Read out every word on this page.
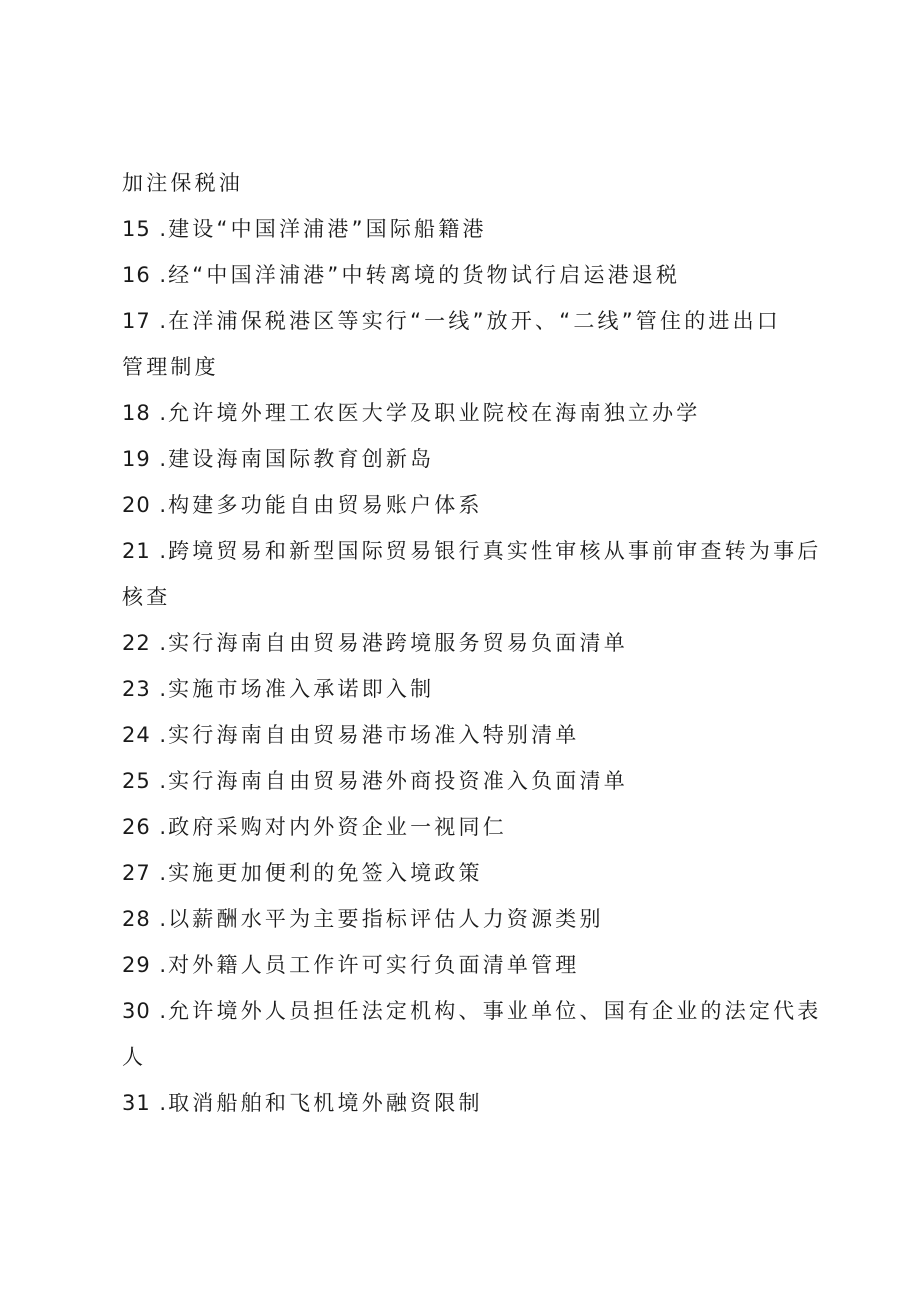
加注保税油
15 .建设“中国洋浦港”国际船籍港
16 .经“中国洋浦港”中转离境的货物试行启运港退税
17 .在洋浦保税港区等实行“一线”放开、“二线”管住的进出口
管理制度
18 .允许境外理工农医大学及职业院校在海南独立办学
19 .建设海南国际教育创新岛
20 .构建多功能自由贸易账户体系
21 .跨境贸易和新型国际贸易银行真实性审核从事前审查转为事后
核查
22 .实行海南自由贸易港跨境服务贸易负面清单
23 .实施市场准入承诺即入制
24 .实行海南自由贸易港市场准入特别清单
25 .实行海南自由贸易港外商投资准入负面清单
26 .政府采购对内外资企业一视同仁
27 .实施更加便利的免签入境政策
28 .以薪酬水平为主要指标评估人力资源类别
29 .对外籍人员工作许可实行负面清单管理
30 .允许境外人员担任法定机构、事业单位、国有企业的法定代表
人
31 .取消船舶和飞机境外融资限制
